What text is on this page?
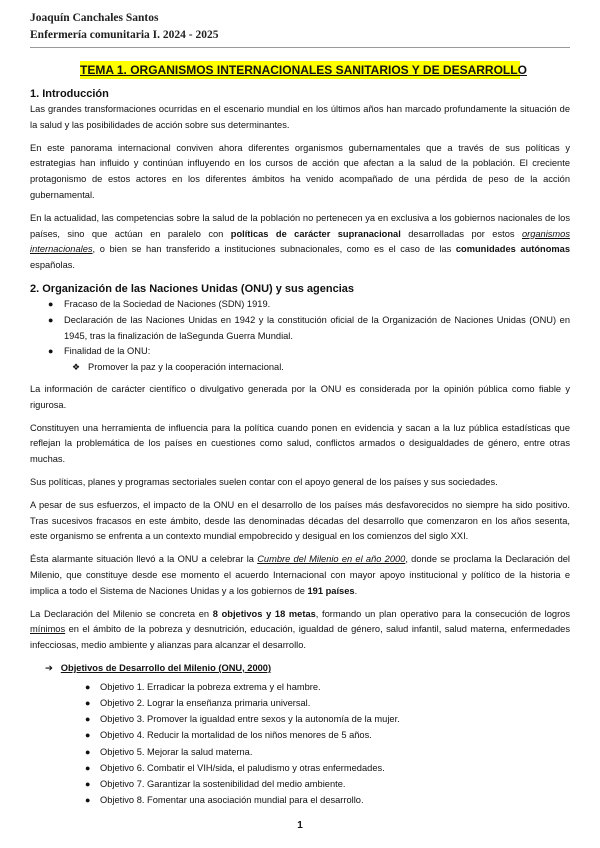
Joaquín Canchales Santos
Enfermería comunitaria I. 2024 - 2025
TEMA 1. ORGANISMOS INTERNACIONALES SANITARIOS Y DE DESARROLLO
1. Introducción

Las grandes transformaciones ocurridas en el escenario mundial en los últimos años han marcado profundamente la situación de la salud y las posibilidades de acción sobre sus determinantes.

En este panorama internacional conviven ahora diferentes organismos gubernamentales que a través de sus políticas y estrategias han influido y continúan influyendo en los cursos de acción que afectan a la salud de la población. El creciente protagonismo de estos actores en los diferentes ámbitos ha venido acompañado de una pérdida de peso de la acción gubernamental.

En la actualidad, las competencias sobre la salud de la población no pertenecen ya en exclusiva a los gobiernos nacionales de los países, sino que actúan en paralelo con políticas de carácter supranacional desarrolladas por estos organismos internacionales, o bien se han transferido a instituciones subnacionales, como es el caso de las comunidades autónomas españolas.

2. Organización de las Naciones Unidas (ONU) y sus agencias
● Fracaso de la Sociedad de Naciones (SDN) 1919.
● Declaración de las Naciones Unidas en 1942 y la constitución oficial de la Organización de Naciones Unidas (ONU) en 1945, tras la finalización de laSegunda Guerra Mundial.
● Finalidad de la ONU:
❖ Promover la paz y la cooperación internacional.

La información de carácter científico o divulgativo generada por la ONU es considerada por la opinión pública como fiable y rigurosa.

Constituyen una herramienta de influencia para la política cuando ponen en evidencia y sacan a la luz pública estadísticas que reflejan la problemática de los países en cuestiones como salud, conflictos armados o desigualdades de género, entre otras muchas.

Sus políticas, planes y programas sectoriales suelen contar con el apoyo general de los países y sus sociedades.

A pesar de sus esfuerzos, el impacto de la ONU en el desarrollo de los países más desfavorecidos no siempre ha sido positivo. Tras sucesivos fracasos en este ámbito, desde las denominadas décadas del desarrollo que comenzaron en los años sesenta, este organismo se enfrenta a un contexto mundial empobrecido y desigual en los comienzos del siglo XXI.

Ésta alarmante situación llevó a la ONU a celebrar la Cumbre del Milenio en el año 2000, donde se proclama la Declaración del Milenio, que constituye desde ese momento el acuerdo Internacional con mayor apoyo institucional y político de la historia e implica a todo el Sistema de Naciones Unidas y a los gobiernos de 191 países.

La Declaración del Milenio se concreta en 8 objetivos y 18 metas, formando un plan operativo para la consecución de logros mínimos en el ámbito de la pobreza y desnutrición, educación, igualdad de género, salud infantil, salud materna, enfermedades infecciosas, medio ambiente y alianzas para alcanzar el desarrollo.

➔ Objetivos de Desarrollo del Milenio (ONU, 2000)
● Objetivo 1. Erradicar la pobreza extrema y el hambre.
● Objetivo 2. Lograr la enseñanza primaria universal.
● Objetivo 3. Promover la igualdad entre sexos y la autonomía de la mujer.
● Objetivo 4. Reducir la mortalidad de los niños menores de 5 años.
● Objetivo 5. Mejorar la salud materna.
● Objetivo 6. Combatir el VIH/sida, el paludismo y otras enfermedades.
● Objetivo 7. Garantizar la sostenibilidad del medio ambiente.
● Objetivo 8. Fomentar una asociación mundial para el desarrollo.
1
